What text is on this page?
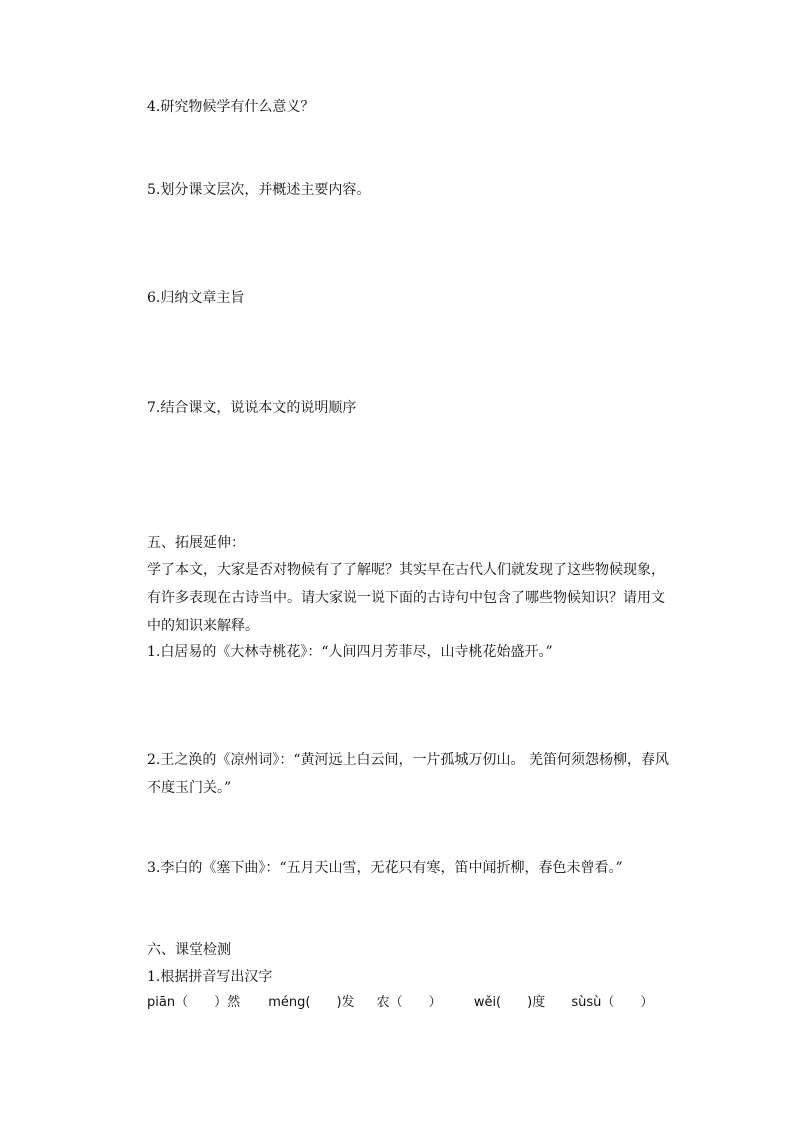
4.研究物候学有什么意义？
5.划分课文层次，并概述主要内容。
6.归纳文章主旨
7.结合课文，说说本文的说明顺序
五、拓展延伸：
学了本文，大家是否对物候有了了解呢？其实早在古代人们就发现了这些物候现象，有许多表现在古诗当中。请大家说一说下面的古诗句中包含了哪些物候知识？请用文中的知识来解释。
1.白居易的《大林寺桃花》：“人间四月芳菲尽，山寺桃花始盛开。”
2.王之涣的《凉州词》：“黄河远上白云间，一片孤城万仞山。 羌笛何须怨杨柳，春风不度玉门关。”
3.李白的《塞下曲》：“五月天山雪，无花只有寒，笛中闻折柳，春色未曾看。”
六、课堂检测
1.根据拼音写出汉字
piān（　　）然 méng(　　)发 农（　　） wěi(　　)度 sùsù（　　）
